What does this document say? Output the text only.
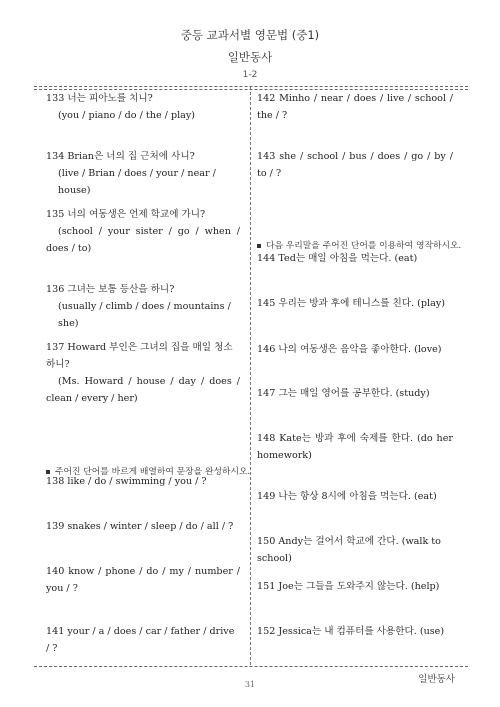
중등 교과서별 영문법 (중1)
일반동사
1-2
133 너는 피아노를 치니?
(you / piano / do / the / play)
134 Brian은 너의 집 근처에 사니?
(live / Brian / does / your / near / house)
135 너의 여동생은 언제 학교에 가니?
(school / your sister / go / when / does / to)
136 그녀는 보통 등산을 하니?
(usually / climb / does / mountains / she)
137 Howard 부인은 그녀의 집을 매일 청소하니?
(Ms. Howard / house / day / does / clean / every / her)
주어진 단어를 바르게 배열하여 문장을 완성하시오.
138 like / do / swimming / you / ?
139 snakes / winter / sleep / do / all / ?
140 know / phone / do / my / number / you / ?
141 your / a / does / car / father / drive / ?
142 Minho / near / does / live / school / the / ?
143 she / school / bus / does / go / by / to / ?
다음 우리말을 주어진 단어를 이용하여 영작하시오.
144 Ted는 매일 아침을 먹는다. (eat)
145 우리는 방과 후에 테니스를 친다. (play)
146 나의 여동생은 음악을 좋아한다. (love)
147 그는 매일 영어를 공부한다. (study)
148 Kate는 방과 후에 숙제를 한다. (do her homework)
149 나는 항상 8시에 아침을 먹는다. (eat)
150 Andy는 걸어서 학교에 간다. (walk to school)
151 Joe는 그들을 도와주지 않는다. (help)
152 Jessica는 내 컴퓨터를 사용한다. (use)
일반동사
31
